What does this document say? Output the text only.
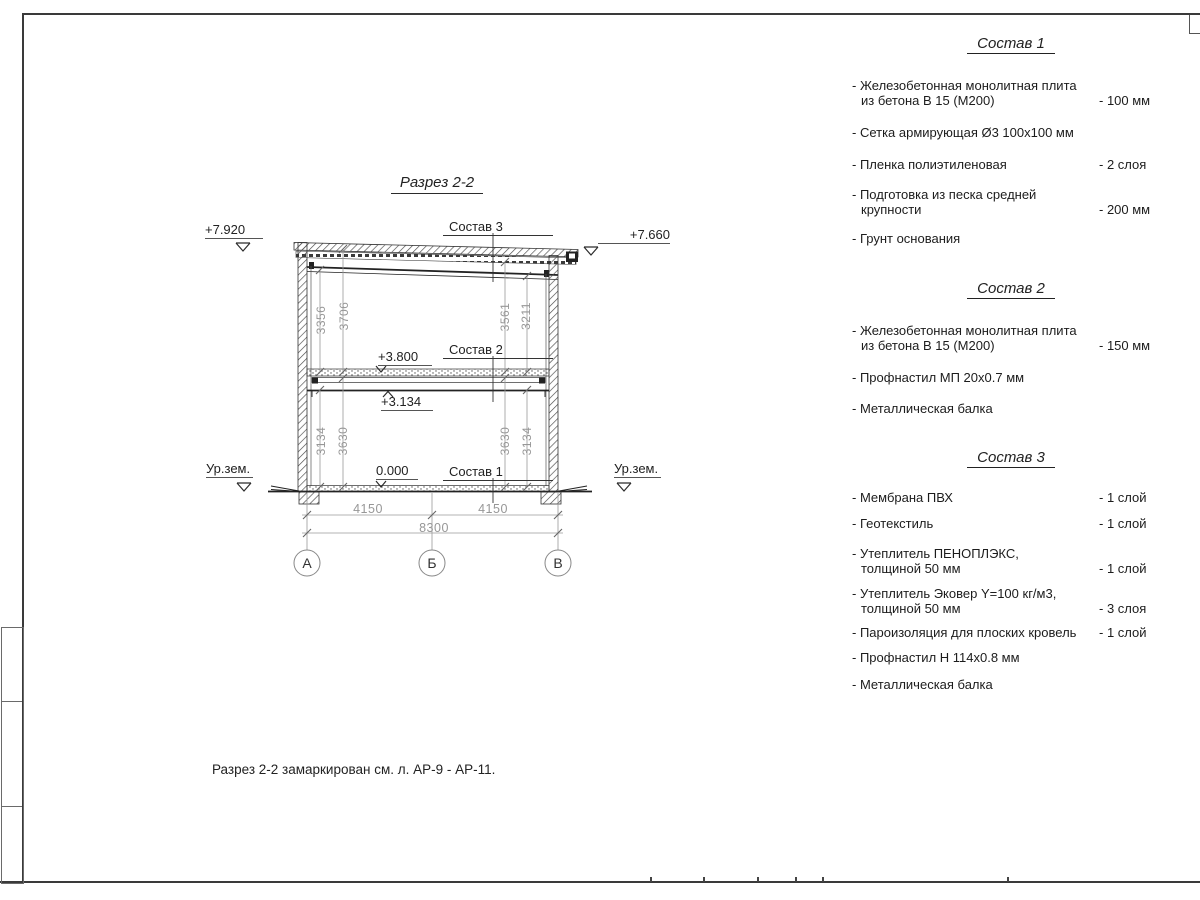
Разрез 2-2
+7.920	+7.660
+3.800
+3.134
0.000
Ур.зем.	Ур.зем.
Состав 3
Состав 2
Состав 1
3356 3706	3561 3211
3134 3630	3630 3134
4150	4150
8300
А	Б	В
Состав 1
- Железобетонная монолитная плита
из бетона В 15 (М200)	- 100 мм
- Сетка армирующая Ø3 100х100 мм
- Пленка полиэтиленовая	- 2 слоя
- Подготовка из песка средней
крупности	- 200 мм
- Грунт основания
Состав 2
- Железобетонная монолитная плита
из бетона В 15 (М200)	- 150 мм
- Профнастил МП 20х0.7 мм
- Металлическая балка
Состав 3
- Мембрана ПВХ	- 1 слой
- Геотекстиль	- 1 слой
- Утеплитель ПЕНОПЛЭКС,
толщиной 50 мм	- 1 слой
- Утеплитель Эковер Y=100 кг/м3,
толщиной 50 мм	- 3 слоя
- Пароизоляция для плоских кровель	- 1 слой
- Профнастил Н 114х0.8 мм
- Металлическая балка
Разрез 2-2 замаркирован см. л. АР-9 - АР-11.
